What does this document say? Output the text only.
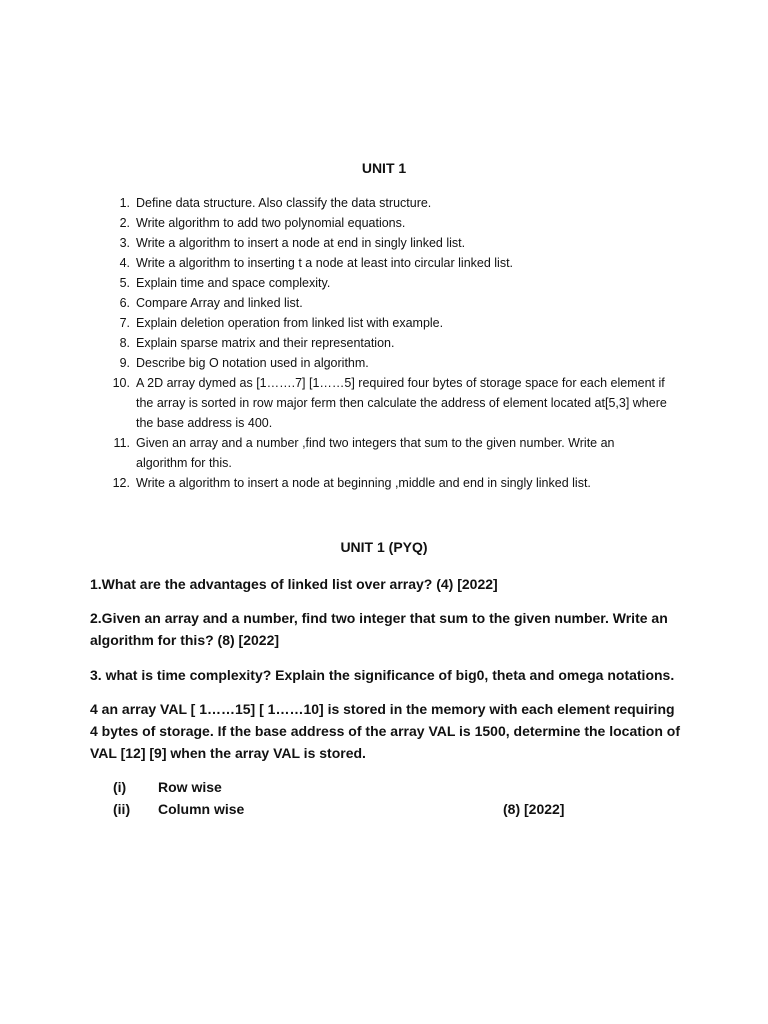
UNIT 1
1. Define data structure. Also classify the data structure.
2. Write algorithm to add two polynomial equations.
3. Write a algorithm to insert a node at end in singly linked list.
4. Write a algorithm to inserting t a node at least into circular linked list.
5. Explain time and space complexity.
6. Compare Array and linked list.
7. Explain deletion operation from linked list with example.
8. Explain sparse matrix and their representation.
9. Describe big O notation used in algorithm.
10. A 2D array dymed as [1…….7] [1……5] required four bytes of storage space for each element if the array is sorted in row major ferm then calculate the address of element located at[5,3] where the base address is 400.
11. Given an array and a number ,find two integers that sum to the given number. Write an algorithm for this.
12. Write a algorithm to insert a node at beginning ,middle and end in singly linked list.
UNIT 1 (PYQ)

1.What are the advantages of linked list over array? (4) [2022]

2.Given an array and a number, find two integer that sum to the given number. Write an algorithm for this? (8) [2022]

3. what is time complexity? Explain the significance of big0, theta and omega notations.

4 an array VAL [ 1……15] [ 1……10] is stored in the memory with each element requiring 4 bytes of storage. If the base address of the array VAL is 1500, determine the location of VAL [12] [9] when the array VAL is stored.

(i) Row wise
(ii) Column wise	(8) [2022]
